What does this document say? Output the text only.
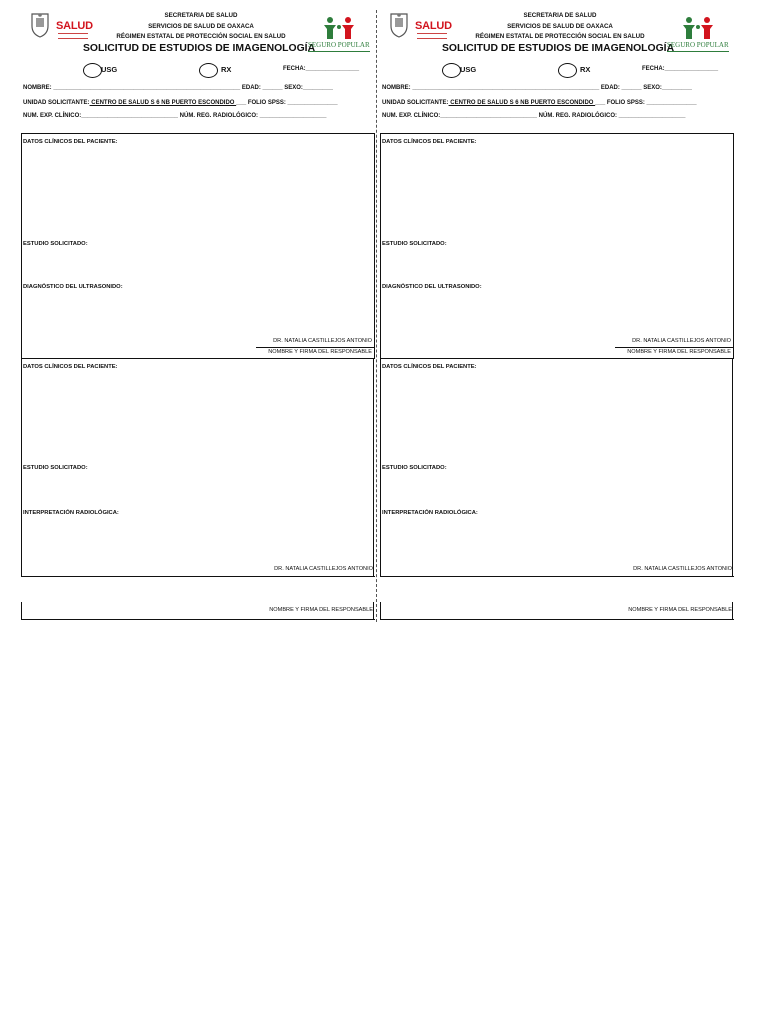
SALUD
SECRETARIA DE SALUD
SERVICIOS DE SALUD DE OAXACA
RÉGIMEN ESTATAL DE PROTECCIÓN SOCIAL EN SALUD
SOLICITUD DE ESTUDIOS DE IMAGENOLOGÍA
SEGURO POPULAR
USG	RX	FECHA:________________
NOMBRE: ________________________________________________________ EDAD: ______ SEXO:_________
UNIDAD SOLICITANTE: CENTRO DE SALUD S 6 NB PUERTO ESCONDIDO ___ FOLIO SPSS: _______________
NUM. EXP. CLÍNICO:_____________________________ NÚM. REG. RADIOLÓGICO: ____________________
DATOS CLÍNICOS DEL PACIENTE:
ESTUDIO SOLICITADO:
DIAGNÓSTICO DEL ULTRASONIDO:
DR. NATALIA CASTILLEJOS ANTONIO
NOMBRE Y FIRMA DEL RESPONSABLE
DATOS CLÍNICOS DEL PACIENTE:
ESTUDIO SOLICITADO:
INTERPRETACIÓN RADIOLÓGICA:
DR. NATALIA CASTILLEJOS ANTONIO
NOMBRE Y FIRMA DEL RESPONSABLE
SALUD
SECRETARIA DE SALUD
SERVICIOS DE SALUD DE OAXACA
RÉGIMEN ESTATAL DE PROTECCIÓN SOCIAL EN SALUD
SOLICITUD DE ESTUDIOS DE IMAGENOLOGÍA
SEGURO POPULAR
USG	RX	FECHA:________________
NOMBRE: ________________________________________________________ EDAD: ______ SEXO:_________
UNIDAD SOLICITANTE: CENTRO DE SALUD S 6 NB PUERTO ESCONDIDO ___ FOLIO SPSS: _______________
NUM. EXP. CLÍNICO:_____________________________ NÚM. REG. RADIOLÓGICO: ____________________
DATOS CLÍNICOS DEL PACIENTE:
ESTUDIO SOLICITADO:
DIAGNÓSTICO DEL ULTRASONIDO:
DR. NATALIA CASTILLEJOS ANTONIO
NOMBRE Y FIRMA DEL RESPONSABLE
DATOS CLÍNICOS DEL PACIENTE:
ESTUDIO SOLICITADO:
INTERPRETACIÓN RADIOLÓGICA:
DR. NATALIA CASTILLEJOS ANTONIO
NOMBRE Y FIRMA DEL RESPONSABLE
